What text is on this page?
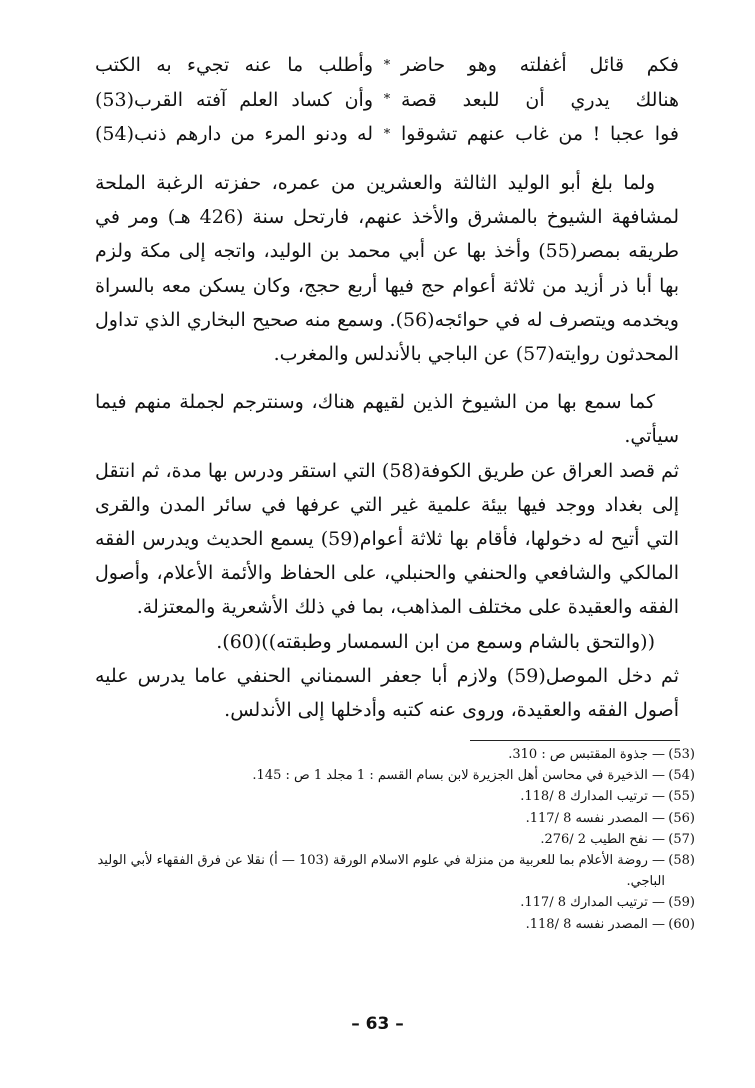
فكم قائل أغفلته وهو حاضر
*
وأطلب ما عنه تجيء به الكتب
هنالك يدري أن للبعد قصة
*
وأن كساد العلم آفته القرب(53)
فوا عجبا ! من غاب عنهم تشوقوا
*
له ودنو المرء من دارهم ذنب(54)

ولما بلغ أبو الوليد الثالثة والعشرين من عمره، حفزته الرغبة الملحة لمشافهة الشيوخ بالمشرق والأخذ عنهم، فارتحل سنة (426 هـ) ومر في طريقه بمصر(55) وأخذ بها عن أبي محمد بن الوليد، واتجه إلى مكة ولزم بها أبا ذر أزيد من ثلاثة أعوام حج فيها أربع حجج، وكان يسكن معه بالسراة ويخدمه ويتصرف له في حوائجه(56). وسمع منه صحيح البخاري الذي تداول المحدثون روايته(57) عن الباجي بالأندلس والمغرب.

كما سمع بها من الشيوخ الذين لقيهم هناك، وسنترجم لجملة منهم فيما سيأتي.

ثم قصد العراق عن طريق الكوفة(58) التي استقر ودرس بها مدة، ثم انتقل إلى بغداد ووجد فيها بيئة علمية غير التي عرفها في سائر المدن والقرى التي أتيح له دخولها، فأقام بها ثلاثة أعوام(59) يسمع الحديث ويدرس الفقه المالكي والشافعي والحنفي والحنبلي، على الحفاظ والأئمة الأعلام، وأصول الفقه والعقيدة على مختلف المذاهب، بما في ذلك الأشعرية والمعتزلة.

((والتحق بالشام وسمع من ابن السمسار وطبقته))(60).

ثم دخل الموصل(59) ولازم أبا جعفر السمناني الحنفي عاما يدرس عليه أصول الفقه والعقيدة، وروى عنه كتبه وأدخلها إلى الأندلس.

(53)
— جذوة المقتبس ص : 310.
(54)
— الذخيرة في محاسن أهل الجزيرة لابن بسام القسم : 1 مجلد 1 ص : 145.
(55)
— ترتيب المدارك 8 /118.
(56)
— المصدر نفسه 8 /117.
(57)
— نفح الطيب 2 /276.
(58)
— روضة الأعلام بما للعربية من منزلة في علوم الاسلام الورقة (103 — أ) نقلا عن فرق الفقهاء لأبي الوليد الباجي.
(59)
— ترتيب المدارك 8 /117.
(60)
— المصدر نفسه 8 /118.
– 63 –
